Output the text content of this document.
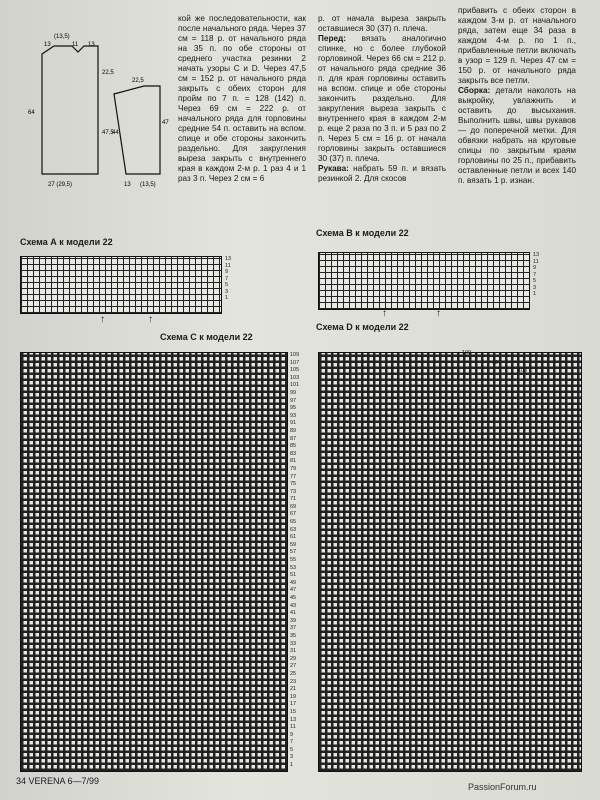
(13,5)
13	11 13
22,5
64
47,5
27 (29,5)
22,5
44
47
13 (13,5)

кой же последовательности, как после начального ряда. Через 37 см = 118 р. от начального ряда на 35 п. по обе стороны от среднего участка резинки 2 начать узоры C и D. Через 47,5 см = 152 р. от начального ряда закрыть с обеих сторон для пройм по 7 п. = 128 (142) п. Через 69 см = 222 р. от начального ряда для горловины средние 54 п. оставить на вспом. спице и обе стороны закончить раздельно. Для закругления выреза закрыть с внутреннего края в каждом 2-м р. 1 раз 4 и 1 раз 3 п. Через 2 см = 6

р. от начала выреза закрыть оставшиеся 30 (37) п. плеча.

Перед: вязать аналогично спинке, но с более глубокой горловиной. Через 66 см = 212 р. от начального ряда средние 36 п. для края горловины оставить на вспом. спице и обе стороны закончить раздельно. Для закругления выреза закрыть с внутреннего края в каждом 2-м р. еще 2 раза по 3 п. и 5 раз по 2 п. Через 5 см = 16 р. от начала горловины закрыть оставшиеся 30 (37) п. плеча.

Рукава: набрать 59 п. и вязать резинкой 2. Для скосов

прибавить с обеих сторон в каждом 3-м р. от начального ряда, затем еще 34 раза в каждом 4-м р. по 1 п., прибавленные петли включать в узор = 129 п. Через 47 см = 150 р. от начального ряда закрыть все петли.

Сборка: детали наколоть на выкройку, увлажнить и оставить до высыхания. Выполнить швы, швы рукавов — до поперечной метки. Для обвязки набрать на круговые спицы по закрытым краям горловины по 25 п., прибавить оставленные петли и всех 140 п. вязать 1 р. изнан.

Схема А к модели 22
13
11
9
7
5
3
1
↑	↑
Схема В к модели 22
13
11
9
7
5
3
1
↑	↑
Схема С к модели 22
109
107
105
103
101
99
97
95
93
91
89
87
85
83
81
79
77
75
73
71
69
67
65
63
61
59
57
55
53
51
49
47
45
43
41
39
37
35
33
31
29
27
25
23
21
19
17
15
13
11
9
7
5
3
1
Схема D к модели 22
109
107
105
34 VERENA 6—7/99
PassionForum.ru
